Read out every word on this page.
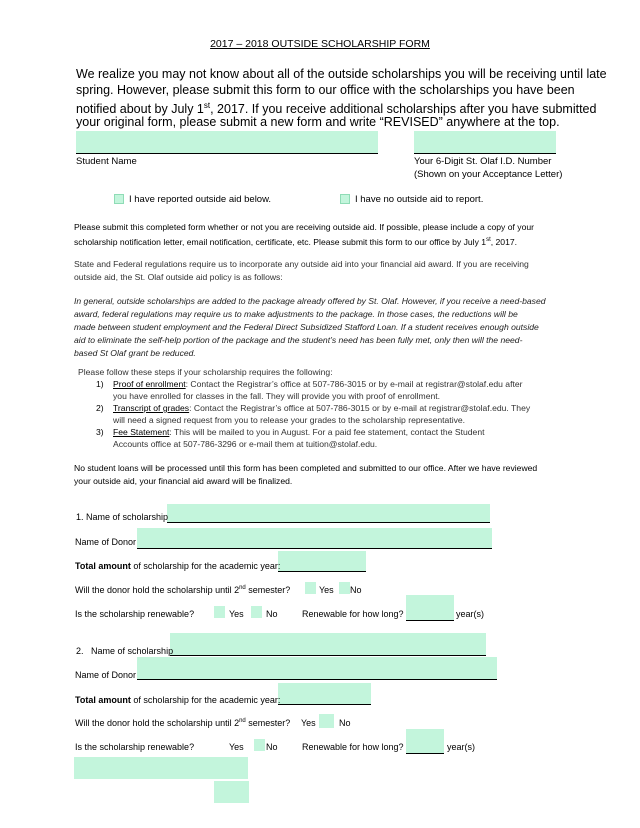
2017 – 2018 OUTSIDE SCHOLARSHIP FORM
We realize you may not know about all of the outside scholarships you will be receiving until late
spring. However, please submit this form to our office with the scholarships you have been
notified about by July 1st, 2017. If you receive additional scholarships after you have submitted
your original form, please submit a new form and write “REVISED” anywhere at the top.
Student Name	Your 6-Digit St. Olaf I.D. Number
(Shown on your Acceptance Letter)
I have reported outside aid below.	I have no outside aid to report.
Please submit this completed form whether or not you are receiving outside aid. If possible, please include a copy of your
scholarship notification letter, email notification, certificate, etc. Please submit this form to our office by July 1st, 2017.
State and Federal regulations require us to incorporate any outside aid into your financial aid award. If you are receiving
outside aid, the St. Olaf outside aid policy is as follows:
In general, outside scholarships are added to the package already offered by St. Olaf. However, if you receive a need-based
award, federal regulations may require us to make adjustments to the package. In those cases, the reductions will be
made between student employment and the Federal Direct Subsidized Stafford Loan. If a student receives enough outside
aid to eliminate the self-help portion of the package and the student’s need has been fully met, only then will the need-
based St Olaf grant be reduced.
Please follow these steps if your scholarship requires the following:
1) Proof of enrollment: Contact the Registrar’s office at 507-786-3015 or by e-mail at registrar@stolaf.edu after
you have enrolled for classes in the fall. They will provide you with proof of enrollment.
2) Transcript of grades: Contact the Registrar’s office at 507-786-3015 or by e-mail at registrar@stolaf.edu. They
will need a signed request from you to release your grades to the scholarship representative.
3) Fee Statement: This will be mailed to you in August. For a paid fee statement, contact the Student
Accounts office at 507-786-3296 or e-mail them at tuition@stolaf.edu.
No student loans will be processed until this form has been completed and submitted to our office. After we have reviewed
your outside aid, your financial aid award will be finalized.
1. Name of scholarship
Name of Donor
Total amount of scholarship for the academic year:
Will the donor hold the scholarship until 2nd semester?	Yes No
Is the scholarship renewable?	Yes No	Renewable for how long?	year(s)
2. Name of scholarship
Name of Donor
Total amount of scholarship for the academic year:
Will the donor hold the scholarship until 2nd semester? Yes	No
Is the scholarship renewable?	Yes No	Renewable for how long?	year(s)
